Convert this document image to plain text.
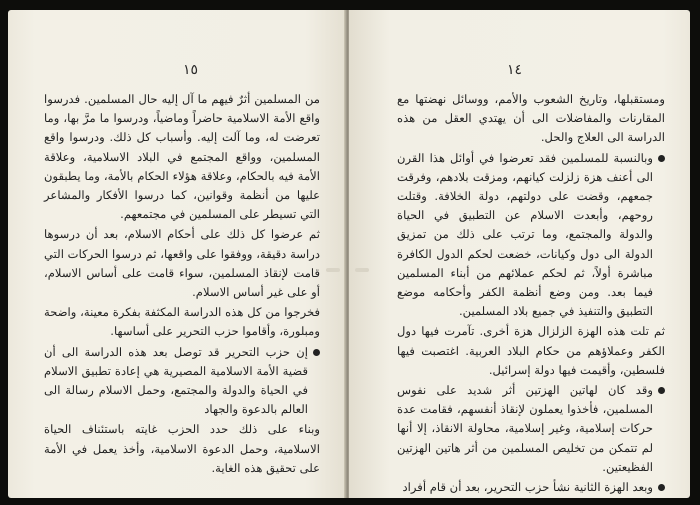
١٥

من المسلمين أثرٌ فيهم ما آل إليه حال المسلمين. فدرسوا واقع الأمة الاسلامية حاضراً وماضياً، ودرسوا ما مرَّ بها، وما تعرضت له، وما آلت إليه. وأسباب كل ذلك. ودرسوا واقع المسلمين، وواقع المجتمع في البلاد الاسلامية، وعلاقة الأمة فيه بالحكام، وعلاقة هؤلاء الحكام بالأمة، وما يطبقون عليها من أنظمة وقوانين، كما درسوا الأفكار والمشاعر التي تسيطر على المسلمين في مجتمعهم.

ثم عرضوا كل ذلك على أحكام الاسلام، بعد أن درسوها دراسة دقيقة، ووفقوا على واقعها، ثم درسوا الحركات التي قامت لإنقاذ المسلمين، سواء قامت على أساس الاسلام، أو على غير أساس الاسلام.

فخرجوا من كل هذه الدراسة المكثفة بفكرة معينة، واضحة ومبلورة، وأقاموا حزب التحرير على أساسها.

إن حزب التحرير قد توصل بعد هذه الدراسة الى أن قضية الأمة الاسلامية المصيرية هي إعادة تطبيق الاسلام في الحياة والدولة والمجتمع، وحمل الاسلام رسالة الى العالم بالدعوة والجهاد

وبناء على ذلك حدد الحزب غايته باستئناف الحياة الاسلامية، وحمل الدعوة الاسلامية، وأخذ يعمل في الأمة على تحقيق هذه الغاية.

١٤

ومستقبلها، وتاريخ الشعوب والأمم، ووسائل نهضتها مع المقارنات والمفاضلات الى أن يهتدي العقل من هذه الدراسة الى العلاج والحل.

وبالنسبة للمسلمين فقد تعرضوا في أوائل هذا القرن الى أعنف هزة زلزلت كيانهم، ومزقت بلادهم، وفرقت جمعهم، وقضت على دولتهم، دولة الخلافة. وقتلت روحهم، وأبعدت الاسلام عن التطبيق في الحياة والدولة والمجتمع، وما ترتب على ذلك من تمزيق الدولة الى دول وكيانات، خضعت لحكم الدول الكافرة مباشرة أولاً، ثم لحكم عملائهم من أبناء المسلمين فيما بعد. ومن وضع أنظمة الكفر وأحكامه موضع التطبيق والتنفيذ في جميع بلاد المسلمين.

ثم تلت هذه الهزة الزلزال هزة أخرى. تآمرت فيها دول الكفر وعملاؤهم من حكام البلاد العربية. اغتصبت فيها فلسطين، وأقيمت فيها دولة إسرائيل.

وقد كان لهاتين الهزتين أثر شديد على نفوس المسلمين، فأخذوا يعملون لإنقاذ أنفسهم، فقامت عدة حركات إسلامية، وغير إسلامية، محاولة الانقاذ، إلا أنها لم تتمكن من تخليص المسلمين من أثر هاتين الهزتين الفظيعتين.

وبعد الهزة الثانية نشأ حزب التحرير، بعد أن قام أفراد
